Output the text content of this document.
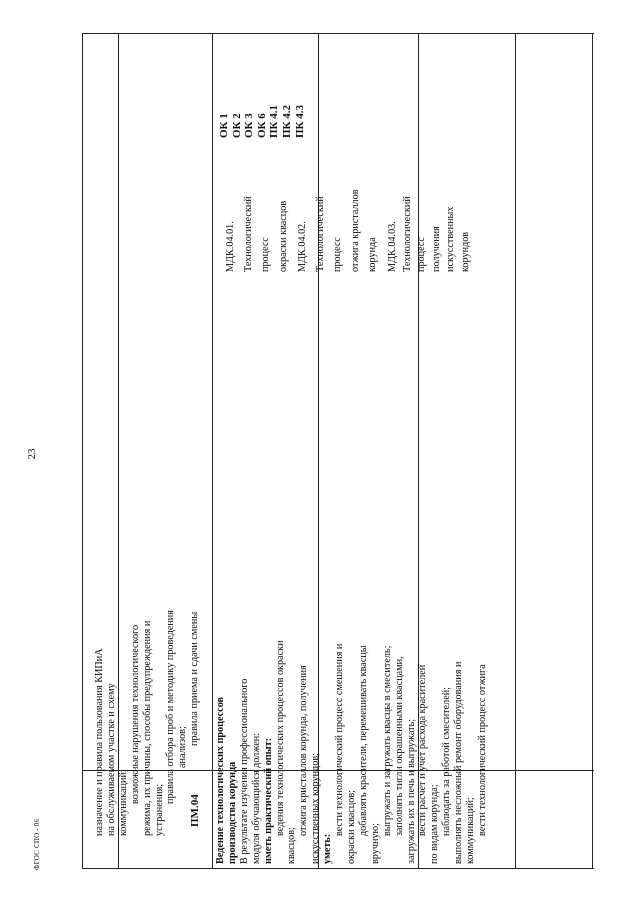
23
ФГОС СПО - 06
назначение и правила пользования КИПиА на обслуживаемом участке и схему коммуникаций; возможные нарушения технологического режима, их причины, способы предупреждения и устранения;
правила отбора проб и методику проведения анализов;
правила приема и сдачи смены
ПМ.04 Ведение технологических процессов производства корунда В результате изучения профессионального модуля обучающийся должен: иметь практический опыт: ведения технологических процессов окраски
квасцов;
отжига кристаллов корунда, получения искусственных корундов; уметь:
вести технологический процесс смешения и окраски квасцов; добавлять красители, перемешивать квасцы
вручную;
выгружать и загружать квасцы в смеситель; заполнять тигли окрашенными квасцами, загружать их в печь и выгружать; вести расчет и учет расхода красителей по видам корунда; наблюдать за работой смесителей; выполнять несложный ремонт оборудования и коммуникаций; вести технологический процесс отжига
МДК.04.01. Технологический процесс окраски квасцов МДК.04.02. Технологический процесс отжига кристаллов корунда МДК.04.03. Технологический процесс получения искусственных корундов
ОК 1 ОК 2 ОК 3 ОК 6 ПК 4.1 ПК 4.2 ПК 4.3
